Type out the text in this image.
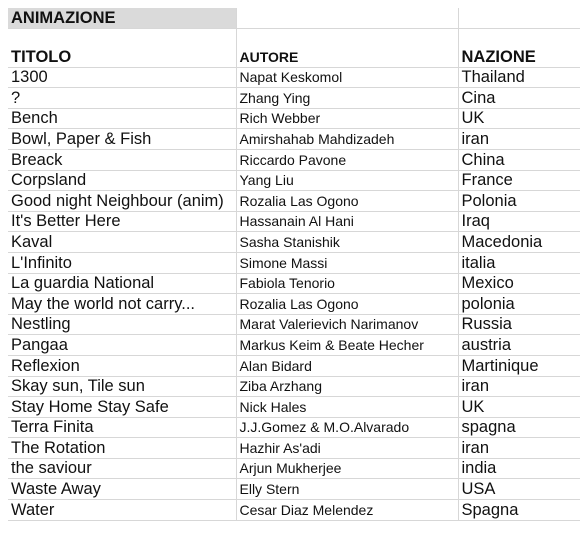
ANIMAZIONE		
TITOLO	AUTORE	NAZIONE
1300	Napat Keskomol	Thailand
?	Zhang Ying	Cina
Bench	Rich Webber	UK
Bowl, Paper & Fish	Amirshahab Mahdizadeh	iran
Breack	Riccardo Pavone	China
Corpsland	Yang Liu	France
Good night Neighbour (anim)	Rozalia Las Ogono	Polonia
It's Better Here	Hassanain Al Hani	Iraq
Kaval	Sasha Stanishik	Macedonia
L'Infinito	Simone Massi	italia
La guardia National	Fabiola Tenorio	Mexico
May the world not carry...	Rozalia Las Ogono	polonia
Nestling	Marat Valerievich Narimanov	Russia
Pangaa	Markus Keim & Beate Hecher	austria
Reflexion	Alan Bidard	Martinique
Skay sun, Tile sun	Ziba Arzhang	iran
Stay Home Stay Safe	Nick Hales	UK
Terra Finita	J.J.Gomez & M.O.Alvarado	spagna
The Rotation	Hazhir As'adi	iran
the saviour	Arjun Mukherjee	india
Waste Away	Elly Stern	USA
Water	Cesar Diaz Melendez	Spagna
